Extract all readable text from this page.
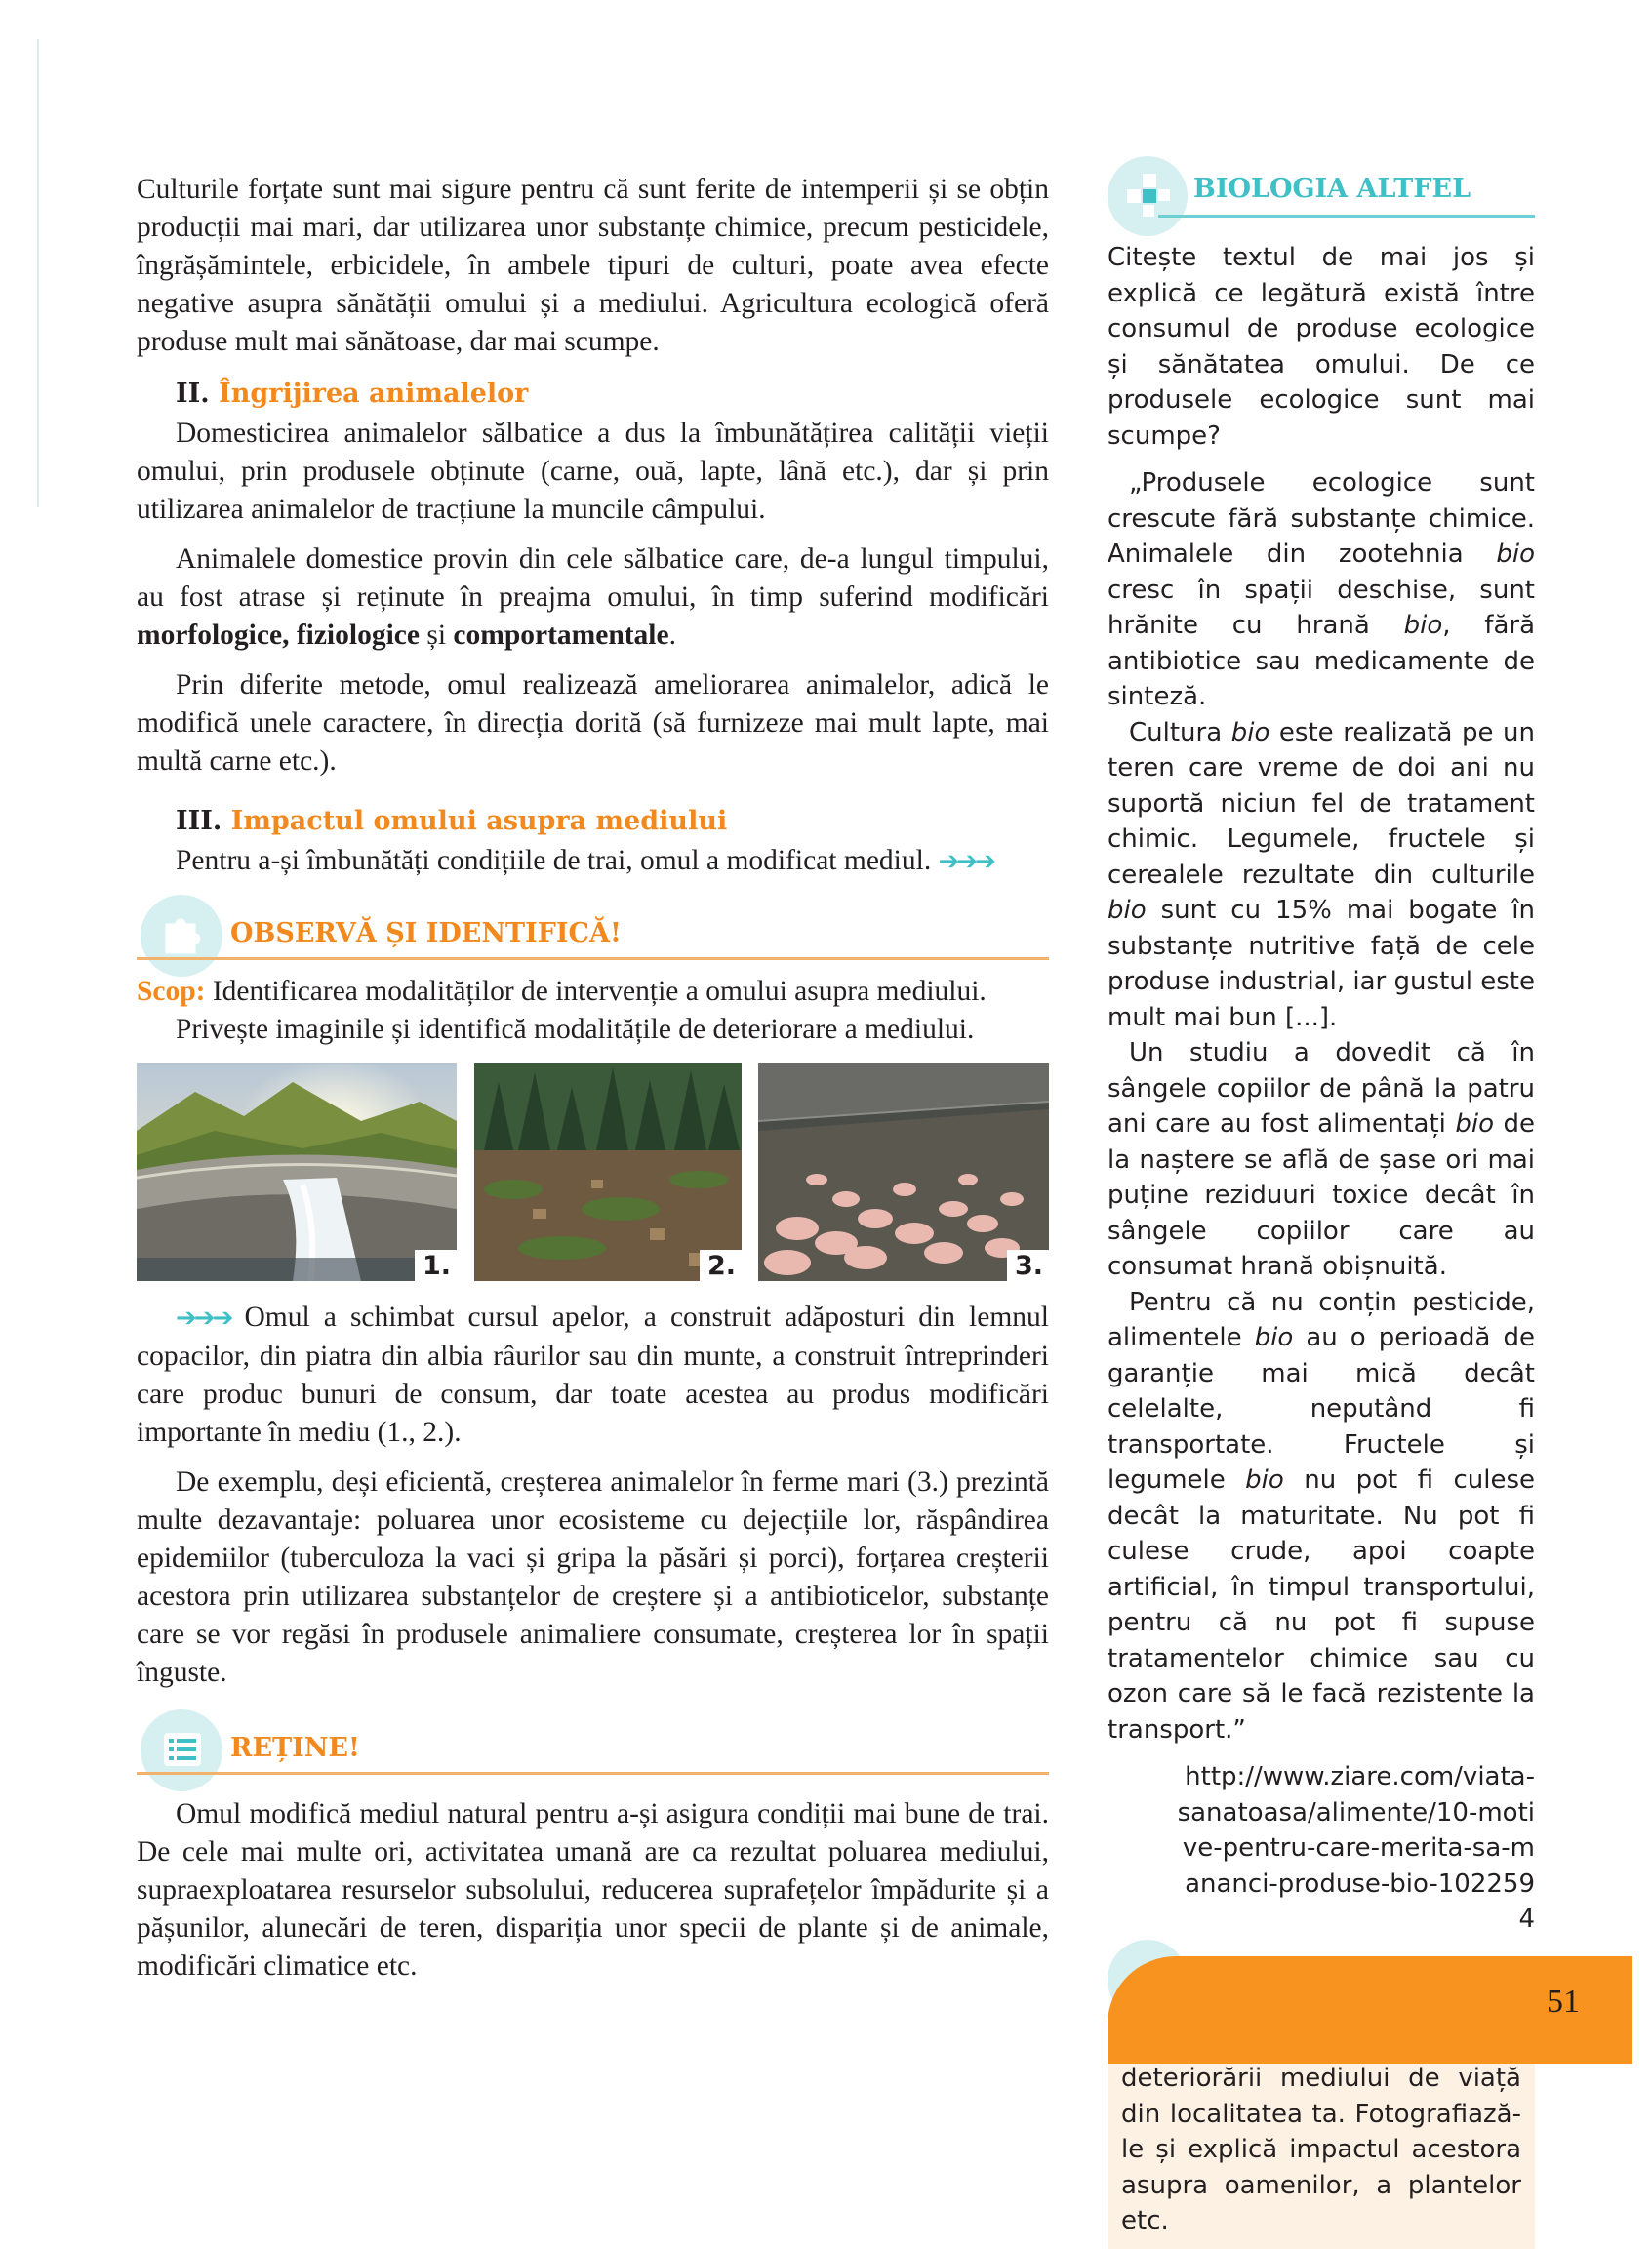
Culturile forțate sunt mai sigure pentru că sunt ferite de intemperii și se obțin producții mai mari, dar utilizarea unor substanțe chimice, precum pesticidele, îngrășămintele, erbicidele, în ambele tipuri de culturi, poate avea efecte negative asupra sănătății omului și a mediului. Agricultura ecologică oferă produse mult mai sănătoase, dar mai scumpe.

II. Îngrijirea animalelor

Domesticirea animalelor sălbatice a dus la îmbunătățirea calității vieții omului, prin produsele obținute (carne, ouă, lapte, lână etc.), dar și prin utilizarea animalelor de tracțiune la muncile câmpului.

Animalele domestice provin din cele sălbatice care, de-a lungul timpului, au fost atrase și reținute în preajma omului, în timp suferind modificări morfologice, fiziologice și comportamentale.

Prin diferite metode, omul realizează ameliorarea animalelor, adică le modifică unele caractere, în direcția dorită (să furnizeze mai mult lapte, mai multă carne etc.).

III. Impactul omului asupra mediului

Pentru a-și îmbunătăți condițiile de trai, omul a modificat mediul. ➔➔➔

OBSERVĂ ȘI IDENTIFICĂ!

Scop: Identificarea modalităților de intervenție a omului asupra mediului.

Privește imaginile și identifică modalitățile de deteriorare a mediului.

1.	2.	3.

➔➔➔ Omul a schimbat cursul apelor, a construit adăposturi din lemnul copacilor, din piatra din albia râurilor sau din munte, a construit întreprinderi care produc bunuri de consum, dar toate acestea au produs modificări importante în mediu (1., 2.).

De exemplu, deși eficientă, creșterea animalelor în ferme mari (3.) prezintă multe dezavantaje: poluarea unor ecosisteme cu dejecțiile lor, răspândirea epidemiilor (tuberculoza la vaci și gripa la păsări și porci), forțarea creșterii acestora prin utilizarea substanțelor de creștere și a antibioticelor, substanțe care se vor regăsi în produsele animaliere consumate, creșterea lor în spații înguste.

REȚINE!

Omul modifică mediul natural pentru a-și asigura condiții mai bune de trai. De cele mai multe ori, activitatea umană are ca rezultat poluarea mediului, supraexploatarea resurselor subsolului, reducerea suprafețelor împădurite și a pășunilor, alunecări de teren, dispariția unor specii de plante și de animale, modificări climatice etc.

BIOLOGIA ALTFEL

Citește textul de mai jos și explică ce legătură există între consumul de produse ecologice și sănătatea omului. De ce produsele ecologice sunt mai scumpe?

„Produsele ecologice sunt crescute fără substanțe chimice. Animalele din zootehnia bio cresc în spații deschise, sunt hrănite cu hrană bio, fără antibiotice sau medicamente de sinteză.

Cultura bio este realizată pe un teren care vreme de doi ani nu suportă niciun fel de tratament chimic. Legumele, fructele și cerealele rezultate din culturile bio sunt cu 15% mai bogate în substanțe nutritive față de cele produse industrial, iar gustul este mult mai bun [...].

Un studiu a dovedit că în sângele copiilor de până la patru ani care au fost alimentați bio de la naștere se află de șase ori mai puține reziduuri toxice decât în sângele copiilor care au consumat hrană obișnuită.

Pentru că nu conțin pesticide, alimentele bio au o perioadă de garanție mai mică decât celelalte, neputând fi transportate. Fructele și legumele bio nu pot fi culese decât la maturitate. Nu pot fi culese crude, apoi coapte artificial, în timpul transportului, pentru că nu pot fi supuse tratamentelor chimice sau cu ozon care să le facă rezistente la transport.”

http://www.ziare.com/viata-sanatoasa/alimente/10-motive-pentru-care-merita-sa-mananci-produse-bio-1022594

deteriorării mediului de viață din localitatea ta. Fotografiază-le și explică impactul acestora asupra oamenilor, a plantelor etc.

51
